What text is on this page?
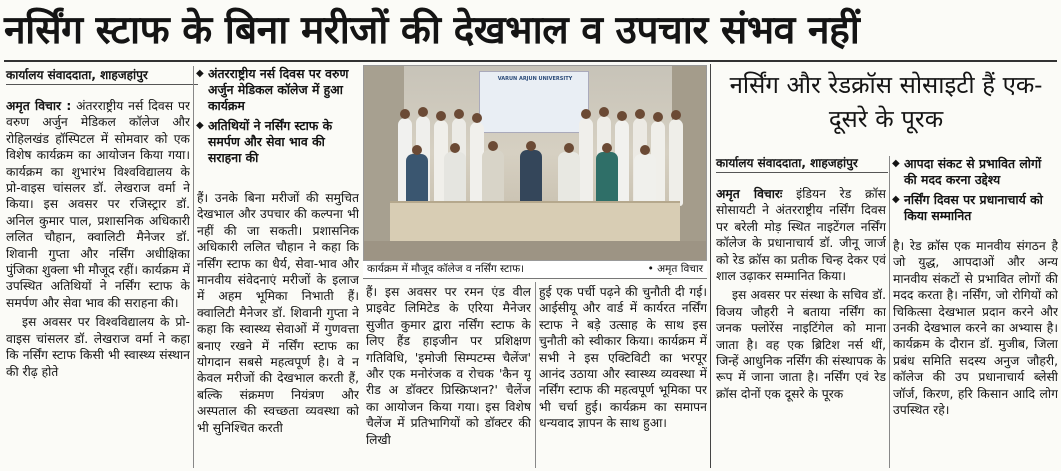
नर्सिंग स्टाफ के बिना मरीजों की देखभाल व उपचार संभव नहीं
कार्यालय संवाददाता, शाहजहांपुर	◆ अंतरराष्ट्रीय नर्स दिवस पर वरुण अर्जुन मेडिकल कॉलेज में हुआ कार्यक्रम
◆ अतिथियों ने नर्सिंग स्टाफ के समर्पण और सेवा भाव की सराहना की

अमृत विचार : अंतरराष्ट्रीय नर्स दिवस पर वरुण अर्जुन मेडिकल कॉलेज और रोहिलखंड हॉस्पिटल में सोमवार को एक विशेष कार्यक्रम का आयोजन किया गया। कार्यक्रम का शुभारंभ विश्वविद्यालय के प्रो-वाइस चांसलर डॉ. लेखराज वर्मा ने किया। इस अवसर पर रजिस्ट्रार डॉ. अनिल कुमार पाल, प्रशासनिक अधिकारी ललित चौहान, क्वालिटी मैनेजर डॉ. शिवानी गुप्ता और नर्सिंग अधीक्षिका पुंजिका शुक्ला भी मौजूद रहीं। कार्यक्रम में उपस्थित अतिथियों ने नर्सिंग स्टाफ के समर्पण और सेवा भाव की सराहना की।

इस अवसर पर विश्वविद्यालय के प्रो-वाइस चांसलर डॉ. लेखराज वर्मा ने कहा कि नर्सिंग स्टाफ किसी भी स्वास्थ्य संस्थान की रीढ़ होते

हैं। उनके बिना मरीजों की समुचित देखभाल और उपचार की कल्पना भी नहीं की जा सकती। प्रशासनिक अधिकारी ललित चौहान ने कहा कि नर्सिंग स्टाफ का धैर्य, सेवा-भाव और मानवीय संवेदनाएं मरीजों के इलाज में अहम भूमिका निभाती हैं। क्वालिटी मैनेजर डॉ. शिवानी गुप्ता ने कहा कि स्वास्थ्य सेवाओं में गुणवत्ता बनाए रखने में नर्सिंग स्टाफ का योगदान सबसे महत्वपूर्ण है। वे न केवल मरीजों की देखभाल करती हैं, बल्कि संक्रमण नियंत्रण और अस्पताल की स्वच्छता व्यवस्था को भी सुनिश्चित करती

VARUN ARJUN UNIVERSITY
कार्यक्रम में मौजूद कॉलेज व नर्सिंग स्टाफ।	• अमृत विचार

हैं। इस अवसर पर रमन एंड वील प्राइवेट लिमिटेड के एरिया मैनेजर सुजीत कुमार द्वारा नर्सिंग स्टाफ के लिए हैंड हाइजीन पर प्रशिक्षण गतिविधि, 'इमोजी सिम्पटम्स चैलेंज' और एक मनोरंजक व रोचक 'कैन यू रीड अ डॉक्टर प्रिस्क्रिप्शन?' चैलेंज का आयोजन किया गया। इस विशेष चैलेंज में प्रतिभागियों को डॉक्टर की लिखी

हुई एक पर्ची पढ़ने की चुनौती दी गई। आईसीयू और वार्ड में कार्यरत नर्सिंग स्टाफ ने बड़े उत्साह के साथ इस चुनौती को स्वीकार किया। कार्यक्रम में सभी ने इस एक्टिविटी का भरपूर आनंद उठाया और स्वास्थ्य व्यवस्था में नर्सिंग स्टाफ की महत्वपूर्ण भूमिका पर भी चर्चा हुई। कार्यक्रम का समापन धन्यवाद ज्ञापन के साथ हुआ।

नर्सिंग और रेडक्रॉस सोसाइटी हैं एक-दूसरे के पूरक
कार्यालय संवाददाता, शाहजहांपुर	◆ आपदा संकट से प्रभावित लोगों की मदद करना उद्देश्य
◆ नर्सिंग दिवस पर प्रधानाचार्य को किया सम्मानित

अमृत विचारः इंडियन रेड क्रॉस सोसायटी ने अंतरराष्ट्रीय नर्सिंग दिवस पर बरेली मोड़ स्थित नाइटेंगल नर्सिंग कॉलेज के प्रधानाचार्य डॉ. जीनू जार्ज को रेड क्रॉस का प्रतीक चिन्ह देकर एवं शाल उढ़ाकर सम्मानित किया।

इस अवसर पर संस्था के सचिव डॉ. विजय जौहरी ने बताया नर्सिंग का जनक फ्लोरेंस नाइटिंगेल को माना जाता है। वह एक ब्रिटिश नर्स थीं, जिन्हें आधुनिक नर्सिंग की संस्थापक के रूप में जाना जाता है। नर्सिंग एवं रेड क्रॉस दोनों एक दूसरे के पूरक

है। रेड क्रॉस एक मानवीय संगठन है जो युद्ध, आपदाओं और अन्य मानवीय संकटों से प्रभावित लोगों की मदद करता है। नर्सिंग, जो रोगियों को चिकित्सा देखभाल प्रदान करने और उनकी देखभाल करने का अभ्यास है। कार्यक्रम के दौरान डॉ. मुजीब, जिला प्रबंध समिति सदस्य अनुज जौहरी, कॉलेज की उप प्रधानाचार्य ब्लेसी जॉर्ज, किरण, हरि किसान आदि लोग उपस्थित रहे।
